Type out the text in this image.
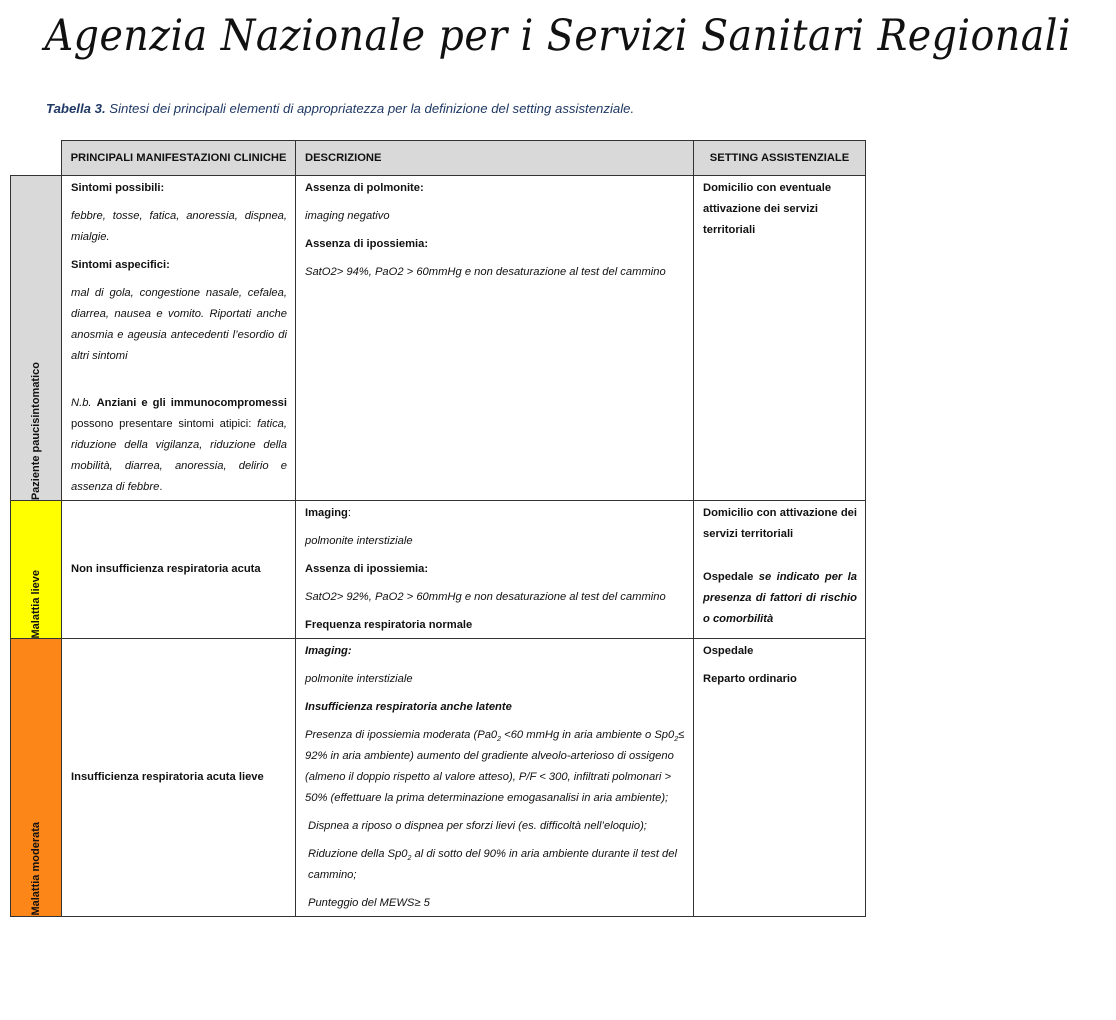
Agenzia Nazionale per i Servizi Sanitari Regionali
Tabella 3. Sintesi dei principali elementi di appropriatezza per la definizione del setting assistenziale.
PRINCIPALI MANIFESTAZIONI CLINICHE DESCRIZIONE	SETTING ASSISTENZIALE
Paziente paucisintomatico

Sintomi possibili:

febbre, tosse, fatica, anoressia, dispnea, mialgie.

Sintomi aspecifici:

mal di gola, congestione nasale, cefalea, diarrea, nausea e vomito. Riportati anche anosmia e ageusia antecedenti l’esordio di altri sintomi

N.b. Anziani e gli immunocompromessi possono presentare sintomi atipici: fatica, riduzione della vigilanza, riduzione della mobilità, diarrea, anoressia, delirio e assenza di febbre.

Assenza di polmonite:

imaging negativo

Assenza di ipossiemia:

SatO2> 94%, PaO2 > 60mmHg e non desaturazione al test del cammino

Domicilio con eventuale attivazione dei servizi territoriali

Malattia lieve
Non insufficienza respiratoria acuta

Imaging:

polmonite interstiziale

Assenza di ipossiemia:

SatO2> 92%, PaO2 > 60mmHg e non desaturazione al test del cammino

Frequenza respiratoria normale

Domicilio con attivazione dei servizi territoriali

Ospedale se indicato per la presenza di fattori di rischio o comorbilità

Malattia moderata
Insufficienza respiratoria acuta lieve

Imaging:

polmonite interstiziale

Insufficienza respiratoria anche latente

Presenza di ipossiemia moderata ($Pa0_2 <60$ mmHg in aria ambiente o $Sp0_2\le 92\%$ in aria ambiente) aumento del gradiente alveolo-arterioso di ossigeno (almeno il doppio rispetto al valore atteso), P/F < 300, infiltrati polmonari > 50% (effettuare la prima determinazione emogasanalisi in aria ambiente);

Dispnea a riposo o dispnea per sforzi lievi (es. difficoltà nell’eloquio);

Riduzione della $Sp0_2$ al di sotto del 90% in aria ambiente durante il test del cammino;

Punteggio del MEWS≥ 5

Ospedale

Reparto ordinario
